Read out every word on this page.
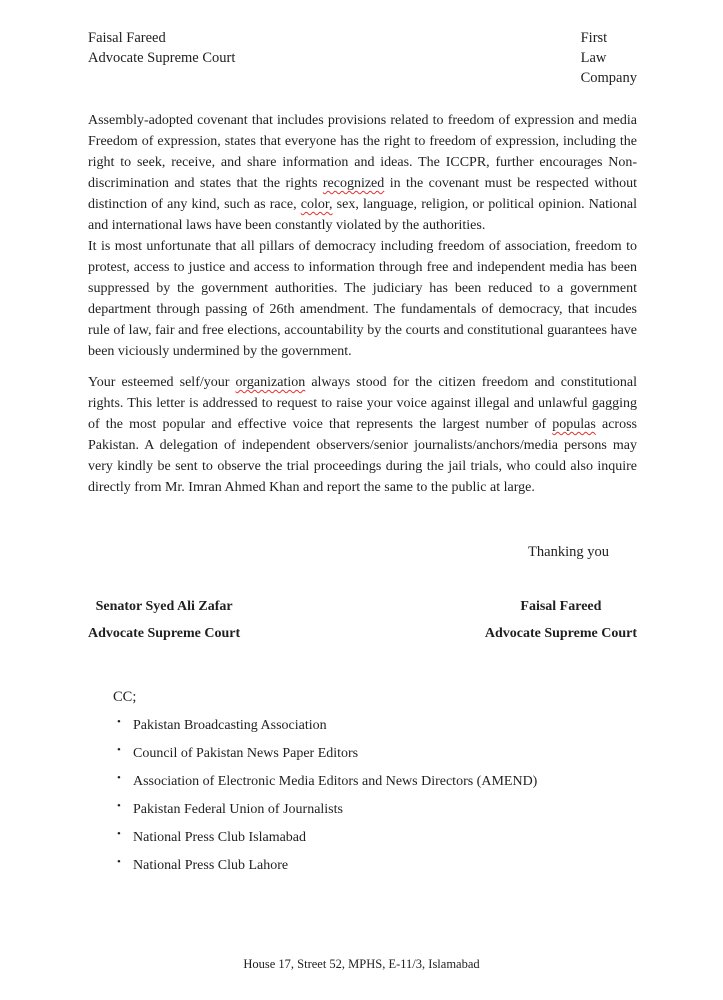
Faisal Fareed
Advocate Supreme Court
First
Law
Company

Assembly-adopted covenant that includes provisions related to freedom of expression and media Freedom of expression, states that everyone has the right to freedom of expression, including the right to seek, receive, and share information and ideas. The ICCPR, further encourages Non-discrimination and states that the rights recognized in the covenant must be respected without distinction of any kind, such as race, color, sex, language, religion, or political opinion. National and international laws have been constantly violated by the authorities.

It is most unfortunate that all pillars of democracy including freedom of association, freedom to protest, access to justice and access to information through free and independent media has been suppressed by the government authorities. The judiciary has been reduced to a government department through passing of 26th amendment. The fundamentals of democracy, that incudes rule of law, fair and free elections, accountability by the courts and constitutional guarantees have been viciously undermined by the government.

Your esteemed self/your organization always stood for the citizen freedom and constitutional rights. This letter is addressed to request to raise your voice against illegal and unlawful gagging of the most popular and effective voice that represents the largest number of populas across Pakistan. A delegation of independent observers/senior journalists/anchors/media persons may very kindly be sent to observe the trial proceedings during the jail trials, who could also inquire directly from Mr. Imran Ahmed Khan and report the same to the public at large.

Thanking you
Senator Syed Ali Zafar
Advocate Supreme Court
Faisal Fareed
Advocate Supreme Court
CC;
• Pakistan Broadcasting Association
• Council of Pakistan News Paper Editors
• Association of Electronic Media Editors and News Directors (AMEND)
• Pakistan Federal Union of Journalists
• National Press Club Islamabad
• National Press Club Lahore
House 17, Street 52, MPHS, E-11/3, Islamabad
